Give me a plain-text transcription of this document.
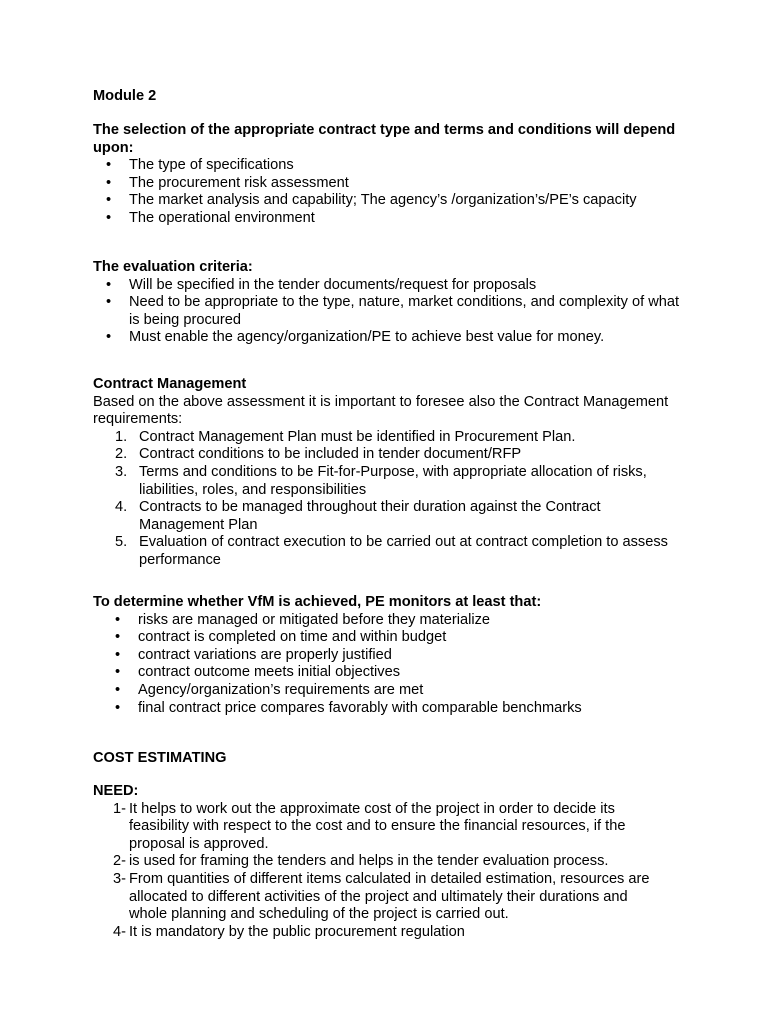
Module 2
The selection of the appropriate contract type and terms and conditions will depend upon:
• The type of specifications
• The procurement risk assessment
• The market analysis and capability; The agency’s /organization’s/PE’s capacity
• The operational environment
The evaluation criteria:
• Will be specified in the tender documents/request for proposals
• Need to be appropriate to the type, nature, market conditions, and complexity of what is being procured
• Must enable the agency/organization/PE to achieve best value for money.
Contract Management

Based on the above assessment it is important to foresee also the Contract Management requirements:

1. Contract Management Plan must be identified in Procurement Plan.
2. Contract conditions to be included in tender document/RFP
3. Terms and conditions to be Fit-for-Purpose, with appropriate allocation of risks, liabilities, roles, and responsibilities
4. Contracts to be managed throughout their duration against the Contract Management Plan
5. Evaluation of contract execution to be carried out at contract completion to assess performance
To determine whether VfM is achieved, PE monitors at least that:
• risks are managed or mitigated before they materialize
• contract is completed on time and within budget
• contract variations are properly justified
• contract outcome meets initial objectives
• Agency/organization’s requirements are met
• final contract price compares favorably with comparable benchmarks
COST ESTIMATING
NEED:
1- It helps to work out the approximate cost of the project in order to decide its feasibility with respect to the cost and to ensure the financial resources, if the proposal is approved.
2- is used for framing the tenders and helps in the tender evaluation process.
3- From quantities of different items calculated in detailed estimation, resources are allocated to different activities of the project and ultimately their durations and whole planning and scheduling of the project is carried out.
4- It is mandatory by the public procurement regulation
